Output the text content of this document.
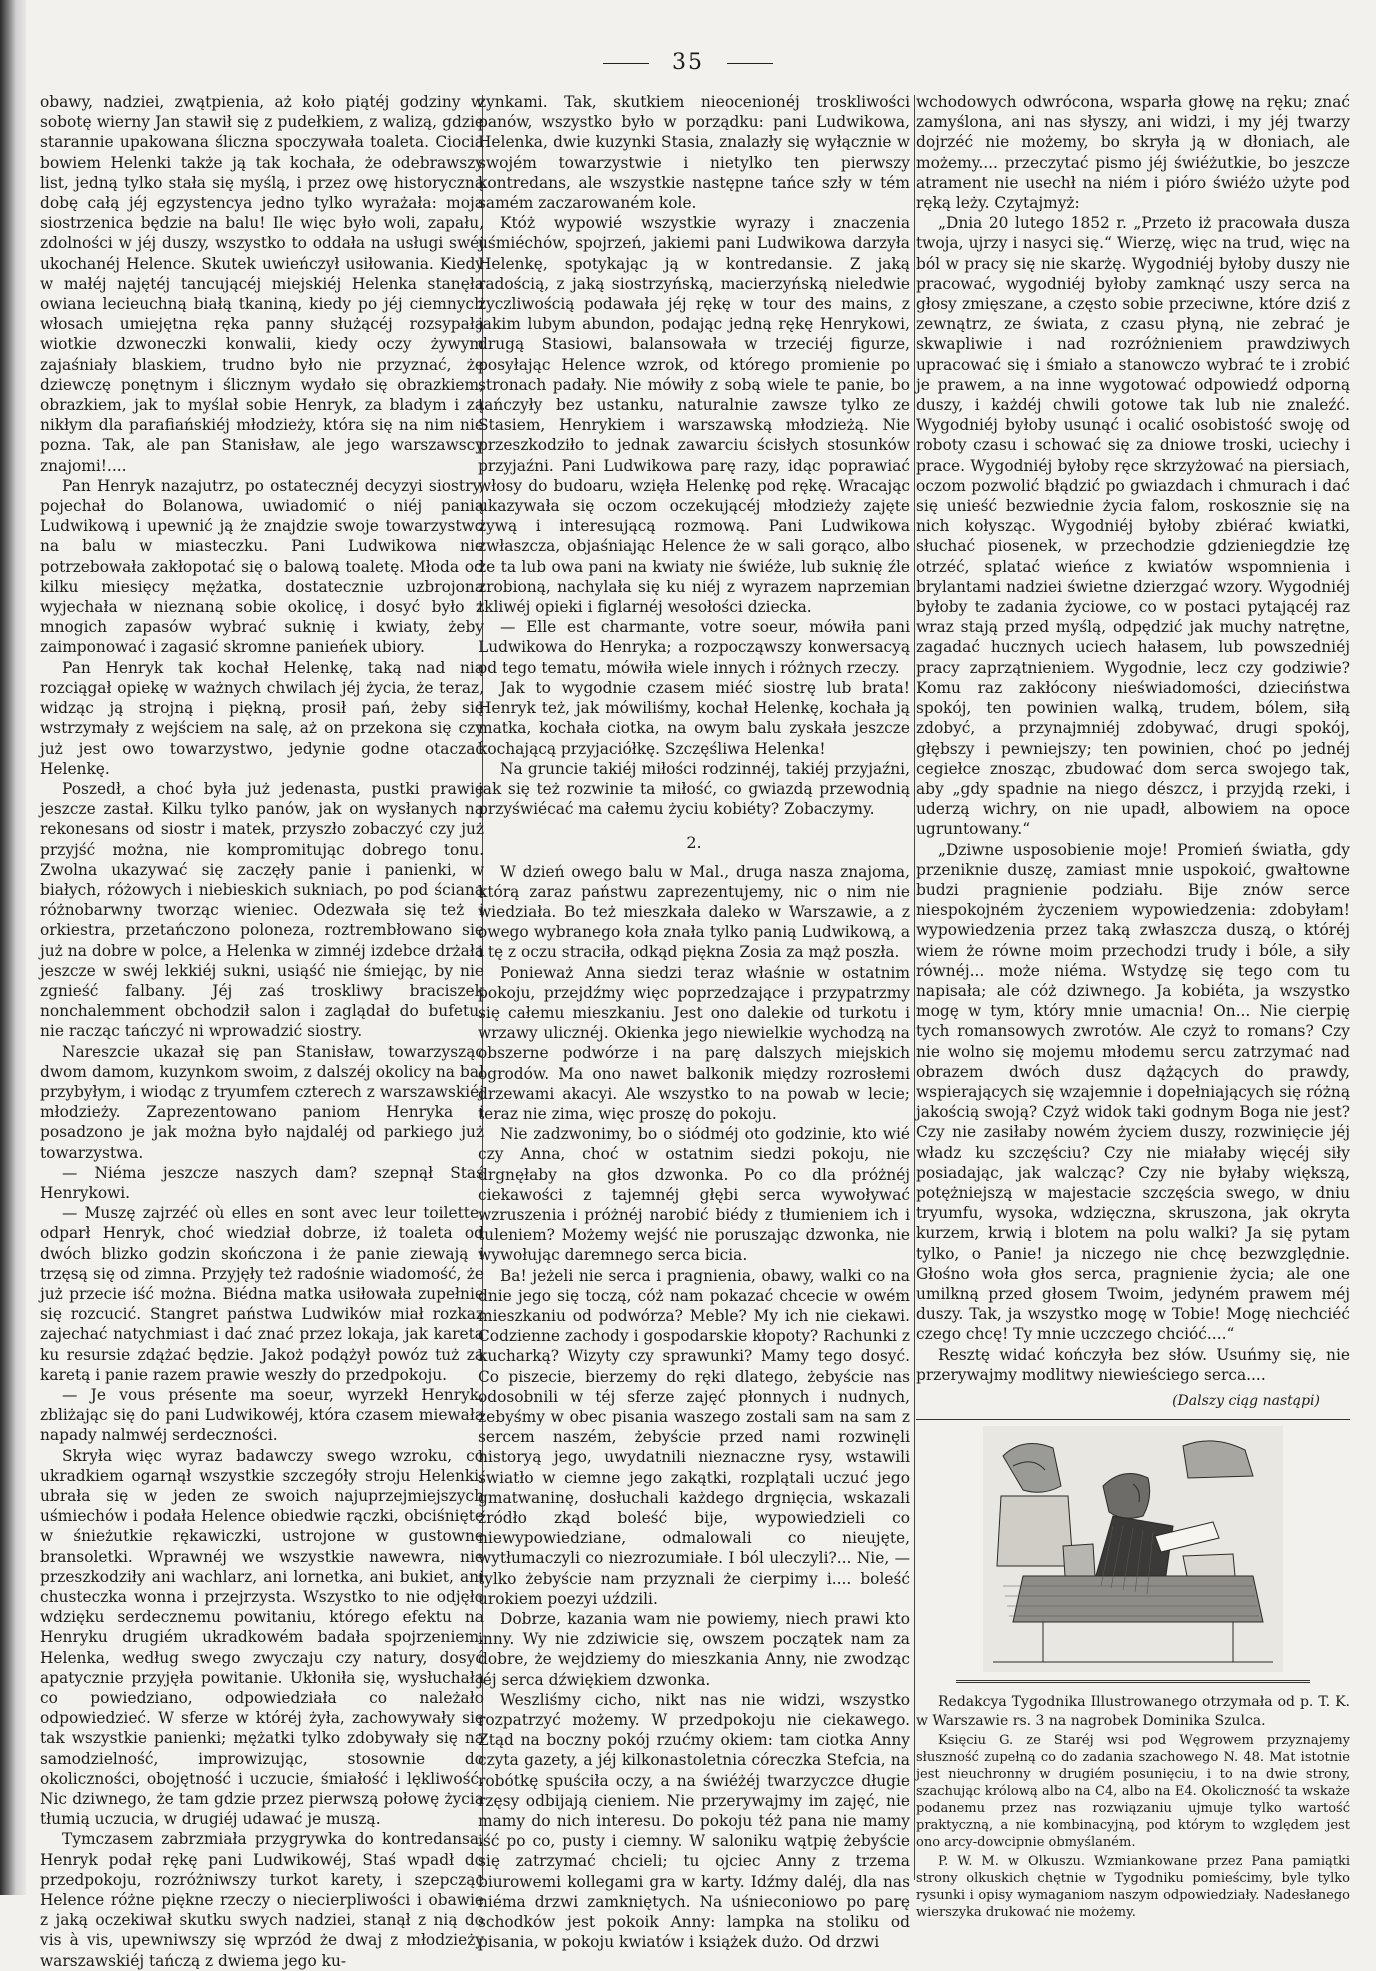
35

obawy, nadziei, zwątpienia, aż koło piątéj godziny w sobotę wierny Jan stawił się z pudełkiem, z walizą, gdzie starannie upakowana śliczna spoczywała toaleta. Ciocia bowiem Helenki także ją tak kochała, że odebrawszy list, jedną tylko stała się myślą, i przez owę historyczną dobę całą jéj egzystencya jedno tylko wyrażała: moja siostrzenica będzie na balu! Ile więc było woli, zapału, zdolności w jéj duszy, wszystko to oddała na usługi swéj ukochanéj Helence. Skutek uwieńczył usiłowania. Kiedy w małéj najętéj tancującéj miejskiéj Helenka stanęła owiana lecieuchną białą tkaniną, kiedy po jéj ciemnych włosach umiejętna ręka panny służącéj rozsypała wiotkie dzwoneczki konwalii, kiedy oczy żywym zajaśniały blaskiem, trudno było nie przyznać, że dziewczę ponętnym i ślicznym wydało się obrazkiem, obrazkiem, jak to myślał sobie Henryk, za bladym i zą nikłym dla parafiańskiéj młodzieży, która się na nim nie pozna. Tak, ale pan Stanisław, ale jego warszawscy znajomi!....

Pan Henryk nazajutrz, po ostatecznéj decyzyi siostry, pojechał do Bolanowa, uwiadomić o niéj panią Ludwikową i upewnić ją że znajdzie swoje towarzystwo na balu w miasteczku. Pani Ludwikowa nie potrzebowała zakłopotać się o balową toaletę. Młoda od kilku miesięcy mężatka, dostatecznie uzbrojona wyjechała w nieznaną sobie okolicę, i dosyć było z mnogich zapasów wybrać suknię i kwiaty, żeby zaimponować i zagasić skromne panieńek ubiory.

Pan Henryk tak kochał Helenkę, taką nad nią rozciągał opiekę w ważnych chwilach jéj życia, że teraz, widząc ją strojną i piękną, prosił pań, żeby się wstrzymały z wejściem na salę, aż on przekona się czy już jest owo towarzystwo, jedynie godne otaczać Helenkę.

Poszedł, a choć była już jedenasta, pustki prawie jeszcze zastał. Kilku tylko panów, jak on wysłanych na rekonesans od siostr i matek, przyszło zobaczyć czy już przyjść można, nie kompromitując dobrego tonu. Zwolna ukazywać się zaczęły panie i panienki, w białych, różowych i niebieskich sukniach, po pod ścianą różnobarwny tworząc wieniec. Odezwała się też i orkiestra, przetańczono poloneza, roztrembłowano się już na dobre w polce, a Helenka w zimnéj izdebce drżała jeszcze w swéj lekkiéj sukni, usiąść nie śmiejąc, by nie zgnieść falbany. Jéj zaś troskliwy braciszek nonchalemment obchodził salon i zaglądał do bufetu, nie racząc tańczyć ni wprowadzić siostry.

Nareszcie ukazał się pan Stanisław, towarzysząc dwom damom, kuzynkom swoim, z dalszéj okolicy na bal przybyłym, i wiodąc z tryumfem czterech z warszawskiéj młodzieży. Zaprezentowano paniom Henryka i posadzono je jak można było najdaléj od parkiego już towarzystwa.

— Niéma jeszcze naszych dam? szepnął Staś Henrykowi.

— Muszę zajrzéć où elles en sont avec leur toilette, odparł Henryk, choć wiedział dobrze, iż toaleta od dwóch blizko godzin skończona i że panie ziewają i trzęsą się od zimna. Przyjęły też radośnie wiadomość, że już przecie iść można. Biédna matka usiłowała zupełnie się rozcucić. Stangret państwa Ludwików miał rozkaz zajechać natychmiast i dać znać przez lokaja, jak kareta ku resursie zdążać będzie. Jakoż podążył powóz tuż za karetą i panie razem prawie weszły do przedpokoju.

— Je vous présente ma soeur, wyrzekł Henryk, zbliżając się do pani Ludwikowéj, która czasem miewała napady nalmwéj serdeczności.

Skryła więc wyraz badawczy swego wzroku, co ukradkiem ogarnął wszystkie szczegóły stroju Helenki, ubrała się w jeden ze swoich najuprzejmiejszych uśmiechów i podała Helence obiedwie rączki, obciśnięte w śnieżutkie rękawiczki, ustrojone w gustowne bransoletki. Wprawnéj we wszystkie nawewra, nie przeszkodziły ani wachlarz, ani lornetka, ani bukiet, ani chusteczka wonna i przejrzysta. Wszystko to nie odjęło wdzięku serdecznemu powitaniu, którego efektu na Henryku drugiém ukradkowém badała spojrzeniem. Helenka, według swego zwyczaju czy natury, dosyć apatycznie przyjęła powitanie. Ukłoniła się, wysłuchała co powiedziano, odpowiedziała co należało odpowiedzieć. W sferze w któréj żyła, zachowywały się tak wszystkie panienki; mężatki tylko zdobywały się na samodzielność, improwizując, stosownie do okoliczności, obojętność i uczucie, śmiałość i lękliwość. Nic dziwnego, że tam gdzie przez pierwszą połowę życia tłumią uczucia, w drugiéj udawać je muszą.

Tymczasem zabrzmiała przygrywka do kontredansa. Henryk podał rękę pani Ludwikowéj, Staś wpadł do przedpokoju, rozróżniwszy turkot karety, i szepcząc Helence różne piękne rzeczy o niecierpliwości i obawie z jaką oczekiwał skutku swych nadziei, stanął z nią do vis à vis, upewniwszy się wprzód że dwaj z młodzieży warszawskiéj tańczą z dwiema jego ku-

zynkami. Tak, skutkiem nieocenionéj troskliwości panów, wszystko było w porządku: pani Ludwikowa, Helenka, dwie kuzynki Stasia, znalazły się wyłącznie w swojém towarzystwie i nietylko ten pierwszy kontredans, ale wszystkie następne tańce szły w tém samém zaczarowaném kole.

Któż wypowié wszystkie wyrazy i znaczenia uśmiéchów, spojrzeń, jakiemi pani Ludwikowa darzyła Helenkę, spotykając ją w kontredansie. Z jaką radością, z jaką siostrzyńską, macierzyńską nieledwie życzliwością podawała jéj rękę w tour des mains, z jakim lubym abundon, podając jedną rękę Henrykowi, drugą Stasiowi, balansowała w trzeciéj figurze, posyłając Helence wzrok, od którego promienie po stronach padały. Nie mówiły z sobą wiele te panie, bo tańczyły bez ustanku, naturalnie zawsze tylko ze Stasiem, Henrykiem i warszawską młodzieżą. Nie przeszkodziło to jednak zawarciu ścisłych stosunków przyjaźni. Pani Ludwikowa parę razy, idąc poprawiać włosy do budoaru, wzięła Helenkę pod rękę. Wracając ukazywała się oczom oczekującéj młodzieży zajęte żywą i interesującą rozmową. Pani Ludwikowa zwłaszcza, objaśniając Helence że w sali gorąco, albo że ta lub owa pani na kwiaty nie świéże, lub suknię źle zrobioną, nachylała się ku niéj z wyrazem naprzemian tkliwéj opieki i figlarnéj wesołości dziecka.

— Elle est charmante, votre soeur, mówiła pani Ludwikowa do Henryka; a rozpocząwszy konwersacyą od tego tematu, mówiła wiele innych i różnych rzeczy.

Jak to wygodnie czasem miéć siostrę lub brata! Henryk też, jak mówiliśmy, kochał Helenkę, kochała ją matka, kochała ciotka, na owym balu zyskała jeszcze kochającą przyjaciółkę. Szczęśliwa Helenka!

Na gruncie takiéj miłości rodzinnéj, takiéj przyjaźni, jak się też rozwinie ta miłość, co gwiazdą przewodnią przyświécać ma całemu życiu kobiéty? Zobaczymy.

2.

W dzień owego balu w Mal., druga nasza znajoma, którą zaraz państwu zaprezentujemy, nic o nim nie wiedziała. Bo też mieszkała daleko w Warszawie, a z owego wybranego koła znała tylko panią Ludwikową, a i tę z oczu straciła, odkąd piękna Zosia za mąż poszła.

Ponieważ Anna siedzi teraz właśnie w ostatnim pokoju, przejdźmy więc poprzedzające i przypatrzmy się całemu mieszkaniu. Jest ono dalekie od turkotu i wrzawy ulicznéj. Okienka jego niewielkie wychodzą na obszerne podwórze i na parę dalszych miejskich ogrodów. Ma ono nawet balkonik między rozrosłemi drzewami akacyi. Ale wszystko to na powab w lecie; teraz nie zima, więc proszę do pokoju.

Nie zadzwonimy, bo o siódméj oto godzinie, kto wié czy Anna, choć w ostatnim siedzi pokoju, nie drgnęłaby na głos dzwonka. Po co dla próżnéj ciekawości z tajemnéj głębi serca wywoływać wzruszenia i próżnéj narobić biédy z tłumieniem ich i tuleniem? Możemy wejść nie poruszając dzwonka, nie wywołując daremnego serca bicia.

Ba! jeżeli nie serca i pragnienia, obawy, walki co na dnie jego się toczą, cóż nam pokazać chcecie w owém mieszkaniu od podwórza? Meble? My ich nie ciekawi. Codzienne zachody i gospodarskie kłopoty? Rachunki z kucharką? Wizyty czy sprawunki? Mamy tego dosyć. Co piszecie, bierzemy do ręki dlatego, żebyście nas odosobnili w téj sferze zajęć płonnych i nudnych, żebyśmy w obec pisania waszego zostali sam na sam z sercem naszém, żebyście przed nami rozwinęli historyą jego, uwydatnili nieznaczne rysy, wstawili światło w ciemne jego zakątki, rozplątali uczuć jego gmatwaninę, dosłuchali każdego drgnięcia, wskazali źródło zkąd boleść bije, wypowiedzieli co niewypowiedziane, odmalowali co nieujęte, wytłumaczyli co niezrozumiałe. I ból uleczyli?... Nie, — tylko żebyście nam przyznali że cierpimy i.... boleść urokiem poezyi uździli.

Dobrze, kazania wam nie powiemy, niech prawi kto inny. Wy nie zdziwicie się, owszem początek nam za dobre, że wejdziemy do mieszkania Anny, nie zwodząc jéj serca dźwiękiem dzwonka.

Weszliśmy cicho, nikt nas nie widzi, wszystko rozpatrzyć możemy. W przedpokoju nie ciekawego. Ztąd na boczny pokój rzućmy okiem: tam ciotka Anny czyta gazety, a jéj kilkonastoletnia córeczka Stefcia, na robótkę spuściła oczy, a na świéżéj twarzyczce długie rzęsy odbijają cieniem. Nie przerywajmy im zajęć, nie mamy do nich interesu. Do pokoju téż pana nie mamy iść po co, pusty i ciemny. W saloniku wątpię żebyście się zatrzymać chcieli; tu ojciec Anny z trzema biurowemi kollegami gra w karty. Idźmy daléj, dla nas niéma drzwi zamkniętych. Na uśnieconiowo po parę schodków jest pokoik Anny: lampka na stoliku od pisania, w pokoju kwiatów i książek dużo. Od drzwi

wchodowych odwrócona, wsparła głowę na ręku; znać zamyślona, ani nas słyszy, ani widzi, i my jéj twarzy dojrzéć nie możemy, bo skryła ją w dłoniach, ale możemy.... przeczytać pismo jéj świéżutkie, bo jeszcze atrament nie usechł na niém i pióro świéżo użyte pod ręką leży. Czytajmyż:

„Dnia 20 lutego 1852 r. „Przeto iż pracowała dusza twoja, ujrzy i nasyci się.“ Wierzę, więc na trud, więc na ból w pracy się nie skarżę. Wygodniéj byłoby duszy nie pracować, wygodniéj byłoby zamknąć uszy serca na głosy zmięszane, a często sobie przeciwne, które dziś z zewnątrz, ze świata, z czasu płyną, nie zebrać je skwapliwie i nad rozróżnieniem prawdziwych upracować się i śmiało a stanowczo wybrać te i zrobić je prawem, a na inne wygotować odpowiedź odporną duszy, i każdéj chwili gotowe tak lub nie znaleźć. Wygodniéj byłoby usunąć i ocalić osobistość swoję od roboty czasu i schować się za dniowe troski, uciechy i prace. Wygodniéj byłoby ręce skrzyżować na piersiach, oczom pozwolić błądzić po gwiazdach i chmurach i dać się unieść bezwiednie życia falom, roskosznie się na nich kołysząc. Wygodniéj byłoby zbiérać kwiatki, słuchać piosenek, w przechodzie gdzieniegdzie łzę otrzéć, splatać wieńce z kwiatów wspomnienia i brylantami nadziei świetne dzierzgać wzory. Wygodniéj byłoby te zadania życiowe, co w postaci pytającéj raz wraz stają przed myślą, odpędzić jak muchy natrętne, zagadać hucznych uciech hałasem, lub powszedniéj pracy zaprzątnieniem. Wygodnie, lecz czy godziwie? Komu raz zakłócony nieświadomości, dzieciństwa spokój, ten powinien walką, trudem, bólem, siłą zdobyć, a przynajmniéj zdobywać, drugi spokój, głębszy i pewniejszy; ten powinien, choć po jednéj cegiełce znosząc, zbudować dom serca swojego tak, aby „gdy spadnie na niego dészcz, i przyjdą rzeki, i uderzą wichry, on nie upadł, albowiem na opoce ugruntowany.“

„Dziwne usposobienie moje! Promień światła, gdy przeniknie duszę, zamiast mnie uspokoić, gwałtowne budzi pragnienie podziału. Bije znów serce niespokojném życzeniem wypowiedzenia: zdobyłam! wypowiedzenia przez taką zwłaszcza duszą, o któréj wiem że równe moim przechodzi trudy i bóle, a siły równéj... może niéma. Wstydzę się tego com tu napisała; ale cóż dziwnego. Ja kobiéta, ja wszystko mogę w tym, który mnie umacnia! On... Nie cierpię tych romansowych zwrotów. Ale czyż to romans? Czy nie wolno się mojemu młodemu sercu zatrzymać nad obrazem dwóch dusz dążących do prawdy, wspierających się wzajemnie i dopełniających się różną jakością swoją? Czyż widok taki godnym Boga nie jest? Czy nie zasiłaby nowém życiem duszy, rozwinięcie jéj władz ku szczęściu? Czy nie miałaby więcéj siły posiadając, jak walcząc? Czy nie byłaby większą, potężniejszą w majestacie szczęścia swego, w dniu tryumfu, wysoka, wdzięczna, skruszona, jak okryta kurzem, krwią i blotem na polu walki? Ja się pytam tylko, o Panie! ja niczego nie chcę bezwzględnie. Głośno woła głos serca, pragnienie życia; ale one umilkną przed głosem Twoim, jedyném prawem méj duszy. Tak, ja wszystko mogę w Tobie! Mogę niechciéć czego chcę! Ty mnie uczczego chcióć....“

Resztę widać kończyła bez słów. Usuńmy się, nie przerywajmy modlitwy niewieściego serca....

(Dalszy ciąg nastąpi)

Redakcya Tygodnika Illustrowanego otrzymała od p. T. K. w Warszawie rs. 3 na nagrobek Dominika Szulca.

Księciu G. ze Staréj wsi pod Węgrowem przyznajemy słuszność zupełną co do zadania szachowego N. 48. Mat istotnie jest nieuchronny w drugiém posunięciu, i to na dwie strony, szachując królową albo na C4, albo na E4. Okoliczność ta wskaże podanemu przez nas rozwiązaniu ujmuje tylko wartość praktyczną, a nie kombinacyjną, pod którym to względem jest ono arcy-dowcipnie obmyślaném.

P. W. M. w Olkuszu. Wzmiankowane przez Pana pamiątki strony olkuskich chętnie w Tygodniku pomieścimy, byle tylko rysunki i opisy wymaganiom naszym odpowiedziały. Nadesłanego wierszyka drukować nie możemy.
